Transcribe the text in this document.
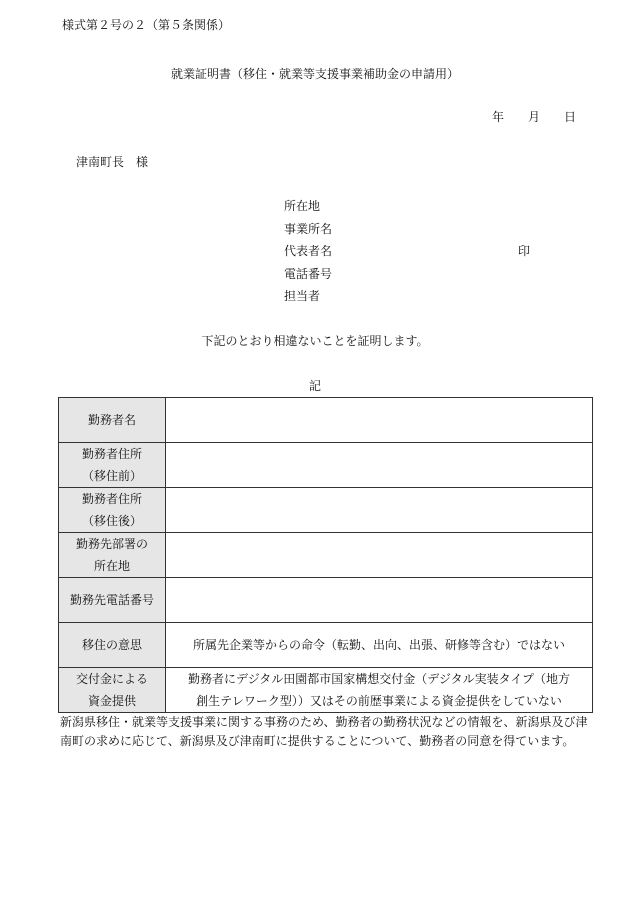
様式第２号の２（第５条関係）
就業証明書（移住・就業等支援事業補助金の申請用）
年 月 日
津南町長　様
所在地
事業所名
代表者名	印
電話番号
担当者
下記のとおり相違ないことを証明します。
記
勤務者名	

勤務者住所
（移住前）	

勤務者住所
（移住後）	

勤務先部署の
所在地	

勤務先電話番号	

移住の意思	所属先企業等からの命令（転勤、出向、出張、研修等含む）ではない

交付金による
資金提供	勤務者にデジタル田園都市国家構想交付金（デジタル実装タイプ（地方
創生テレワーク型））又はその前歴事業による資金提供をしていない
新潟県移住・就業等支援事業に関する事務のため、勤務者の勤務状況などの情報を、新潟県及び津南町の求めに応じて、新潟県及び津南町に提供することについて、勤務者の同意を得ています。
